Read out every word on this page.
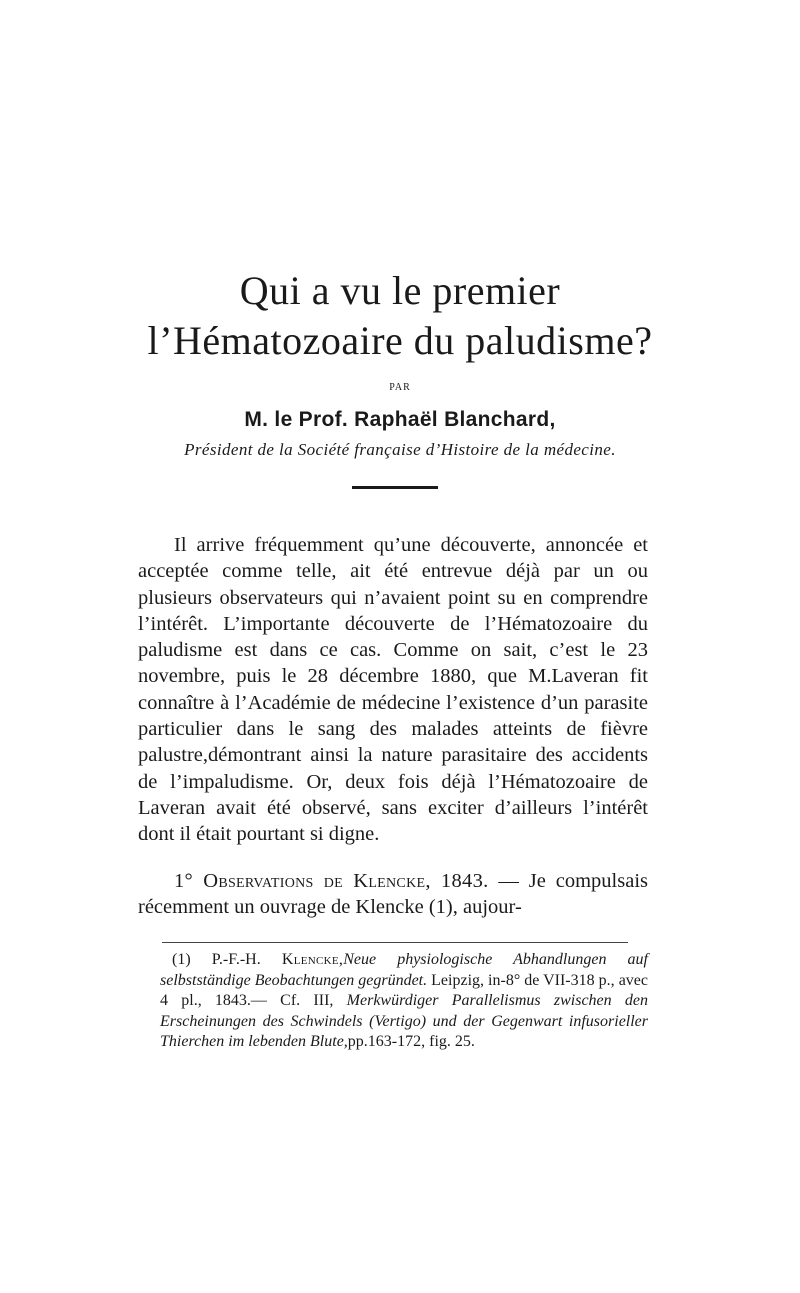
Qui a vu le premier
l’Hématozoaire du paludisme?
PAR
M. le Prof. Raphaël Blanchard,
Président de la Société française d’Histoire de la médecine.

Il arrive fréquemment qu’une découverte, annoncée et acceptée comme telle, ait été entrevue déjà par un ou plusieurs observateurs qui n’avaient point su en comprendre l’intérêt. L’importante découverte de l’Hématozoaire du paludisme est dans ce cas. Comme on sait, c’est le 23 novembre, puis le 28 décembre 1880, que M.Laveran fit connaître à l’Académie de médecine l’existence d’un parasite particulier dans le sang des malades atteints de fièvre palustre,démontrant ainsi la nature parasitaire des accidents de l’impaludisme. Or, deux fois déjà l’Hématozoaire de Laveran avait été observé, sans exciter d’ailleurs l’intérêt dont il était pourtant si digne.

1° Observations de Klencke, 1843. — Je compulsais récemment un ouvrage de Klencke (1), aujour-

(1) P.-F.-H. Klencke,Neue physiologische Abhandlungen auf selbstständige Beobachtungen gegründet. Leipzig, in-8° de VII-318 p., avec 4 pl., 1843.— Cf. III, Merkwürdiger Parallelismus zwischen den Erscheinungen des Schwindels (Vertigo) und der Gegenwart infusorieller Thierchen im lebenden Blute,pp.163-172, fig. 25.
